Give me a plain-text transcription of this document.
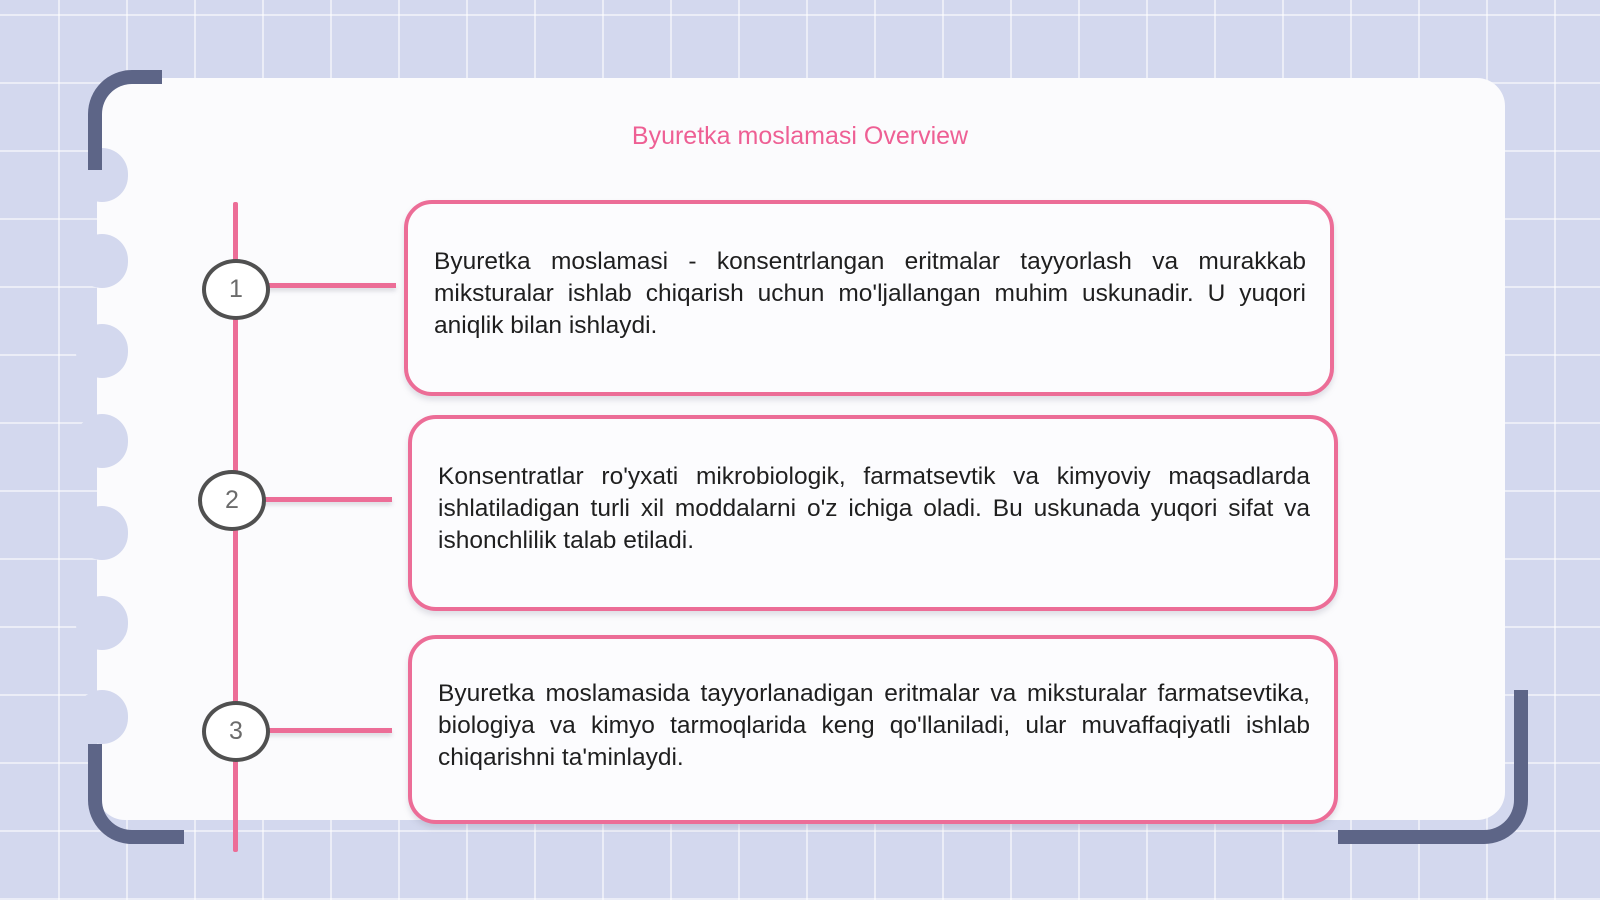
Byuretka moslamasi Overview
1
2
3
Byuretka moslamasi - konsentrlangan eritmalar tayyorlash va murakkab miksturalar ishlab chiqarish uchun mo'ljallangan muhim uskunadir. U yuqori aniqlik bilan ishlaydi.
Konsentratlar ro'yxati mikrobiologik, farmatsevtik va kimyoviy maqsadlarda ishlatiladigan turli xil moddalarni o'z ichiga oladi. Bu uskunada yuqori sifat va ishonchlilik talab etiladi.
Byuretka moslamasida tayyorlanadigan eritmalar va miksturalar farmatsevtika, biologiya va kimyo tarmoqlarida keng qo'llaniladi, ular muvaffaqiyatli ishlab chiqarishni ta'minlaydi.
